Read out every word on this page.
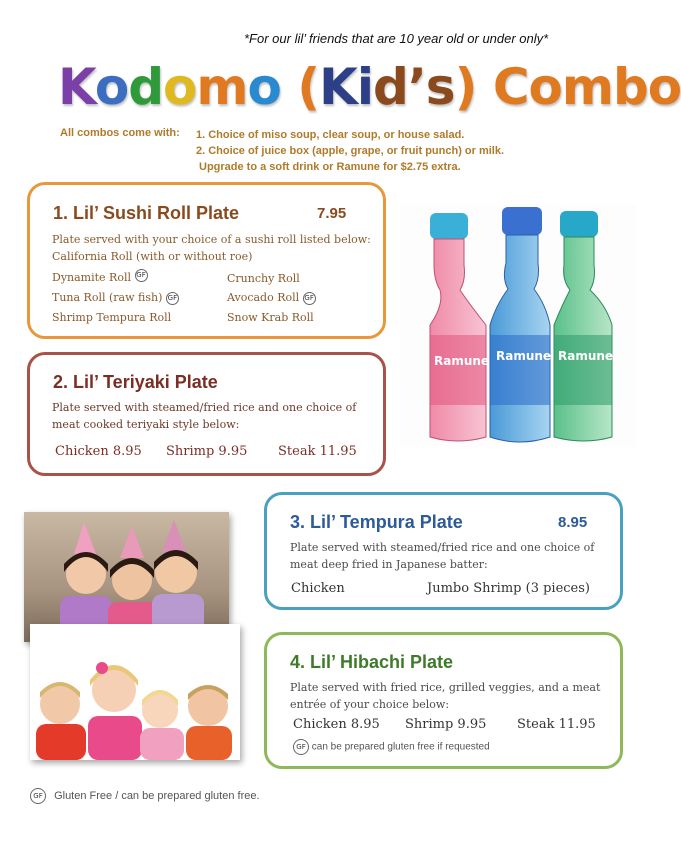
*For our lil’ friends that are 10 year old or under only*
Kodomo (Kid’s) Combo
All combos come with: 1. Choice of miso soup, clear soup, or house salad.
2. Choice of juice box (apple, grape, or fruit punch) or milk.
Upgrade to a soft drink or Ramune for $2.75 extra.
1. Lil’ Sushi Roll Plate	7.95
Plate served with your choice of a sushi roll listed below:
California Roll (with or without roe)
Dynamite Roll GF	Crunchy Roll
Tuna Roll (raw fish) GF	Avocado Roll GF
Shrimp Tempura Roll	Snow Krab Roll
2. Lil’ Teriyaki Plate
Plate served with steamed/fried rice and one choice of meat cooked teriyaki style below:
Chicken 8.95 Shrimp 9.95 Steak 11.95
3. Lil’ Tempura Plate	8.95
Plate served with steamed/fried rice and one choice of meat deep fried in Japanese batter:
Chicken	Jumbo Shrimp (3 pieces)
4. Lil’ Hibachi Plate
Plate served with fried rice, grilled veggies, and a meat entrée of your choice below:
Chicken 8.95 Shrimp 9.95 Steak 11.95
GF can be prepared gluten free if requested
Ramune Ramune Ramune
GF Gluten Free / can be prepared gluten free.
